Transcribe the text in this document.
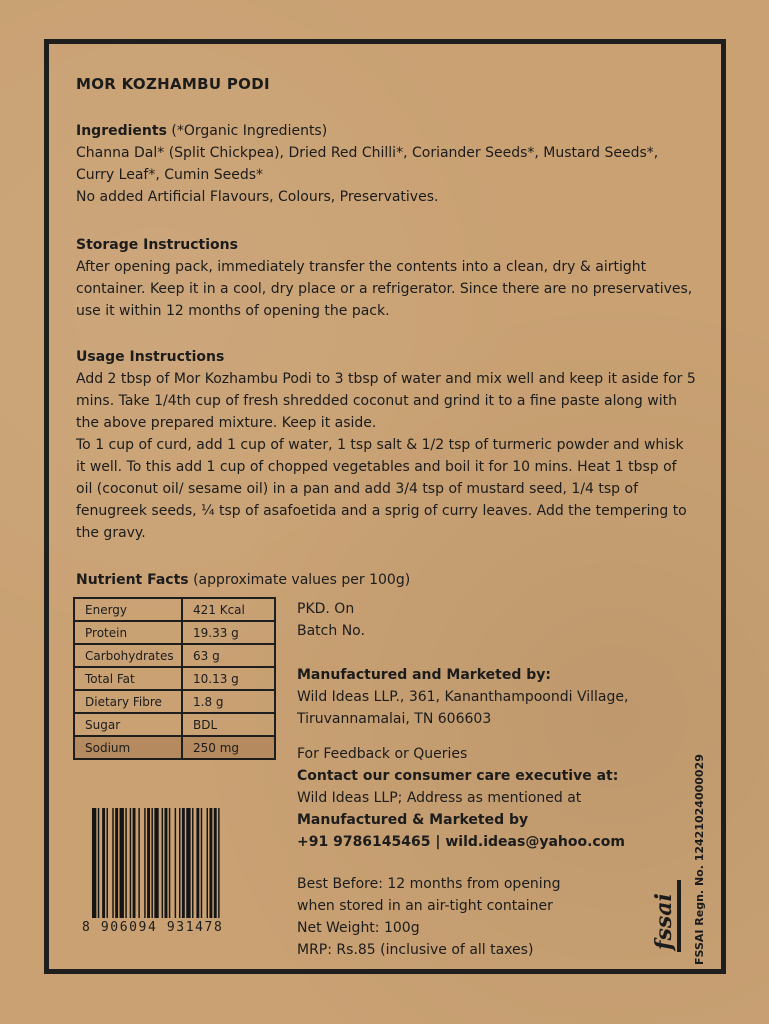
MOR KOZHAMBU PODI
Ingredients (*Organic Ingredients)
Channa Dal* (Split Chickpea), Dried Red Chilli*, Coriander Seeds*, Mustard Seeds*, Curry Leaf*, Cumin Seeds*
No added Artificial Flavours, Colours, Preservatives.
Storage Instructions
After opening pack, immediately transfer the contents into a clean, dry & airtight container. Keep it in a cool, dry place or a refrigerator. Since there are no preservatives, use it within 12 months of opening the pack.
Usage Instructions
Add 2 tbsp of Mor Kozhambu Podi to 3 tbsp of water and mix well and keep it aside for 5 mins. Take 1/4th cup of fresh shredded coconut and grind it to a fine paste along with the above prepared mixture. Keep it aside.
To 1 cup of curd, add 1 cup of water, 1 tsp salt & 1/2 tsp of turmeric powder and whisk it well. To this add 1 cup of chopped vegetables and boil it for 10 mins. Heat 1 tbsp of oil (coconut oil/ sesame oil) in a pan and add 3/4 tsp of mustard seed, 1/4 tsp of fenugreek seeds, ¼ tsp of asafoetida and a sprig of curry leaves. Add the tempering to the gravy.
Nutrient Facts (approximate values per 100g)
Energy	421 Kcal
Protein	19.33 g
Carbohydrates	63 g
Total Fat	10.13 g
Dietary Fibre	1.8 g
Sugar	BDL
Sodium	250 mg
PKD. On
Batch No.
Manufactured and Marketed by:
Wild Ideas LLP., 361, Kananthampoondi Village,
Tiruvannamalai, TN 606603
For Feedback or Queries
Contact our consumer care executive at:
Wild Ideas LLP; Address as mentioned at
Manufactured & Marketed by
+91 9786145465 | wild.ideas@yahoo.com
Best Before: 12 months from opening
when stored in an air-tight container
Net Weight: 100g
MRP: Rs.85 (inclusive of all taxes)
8 906094 931478	fssai FSSAI Regn. No. 12421024000029
